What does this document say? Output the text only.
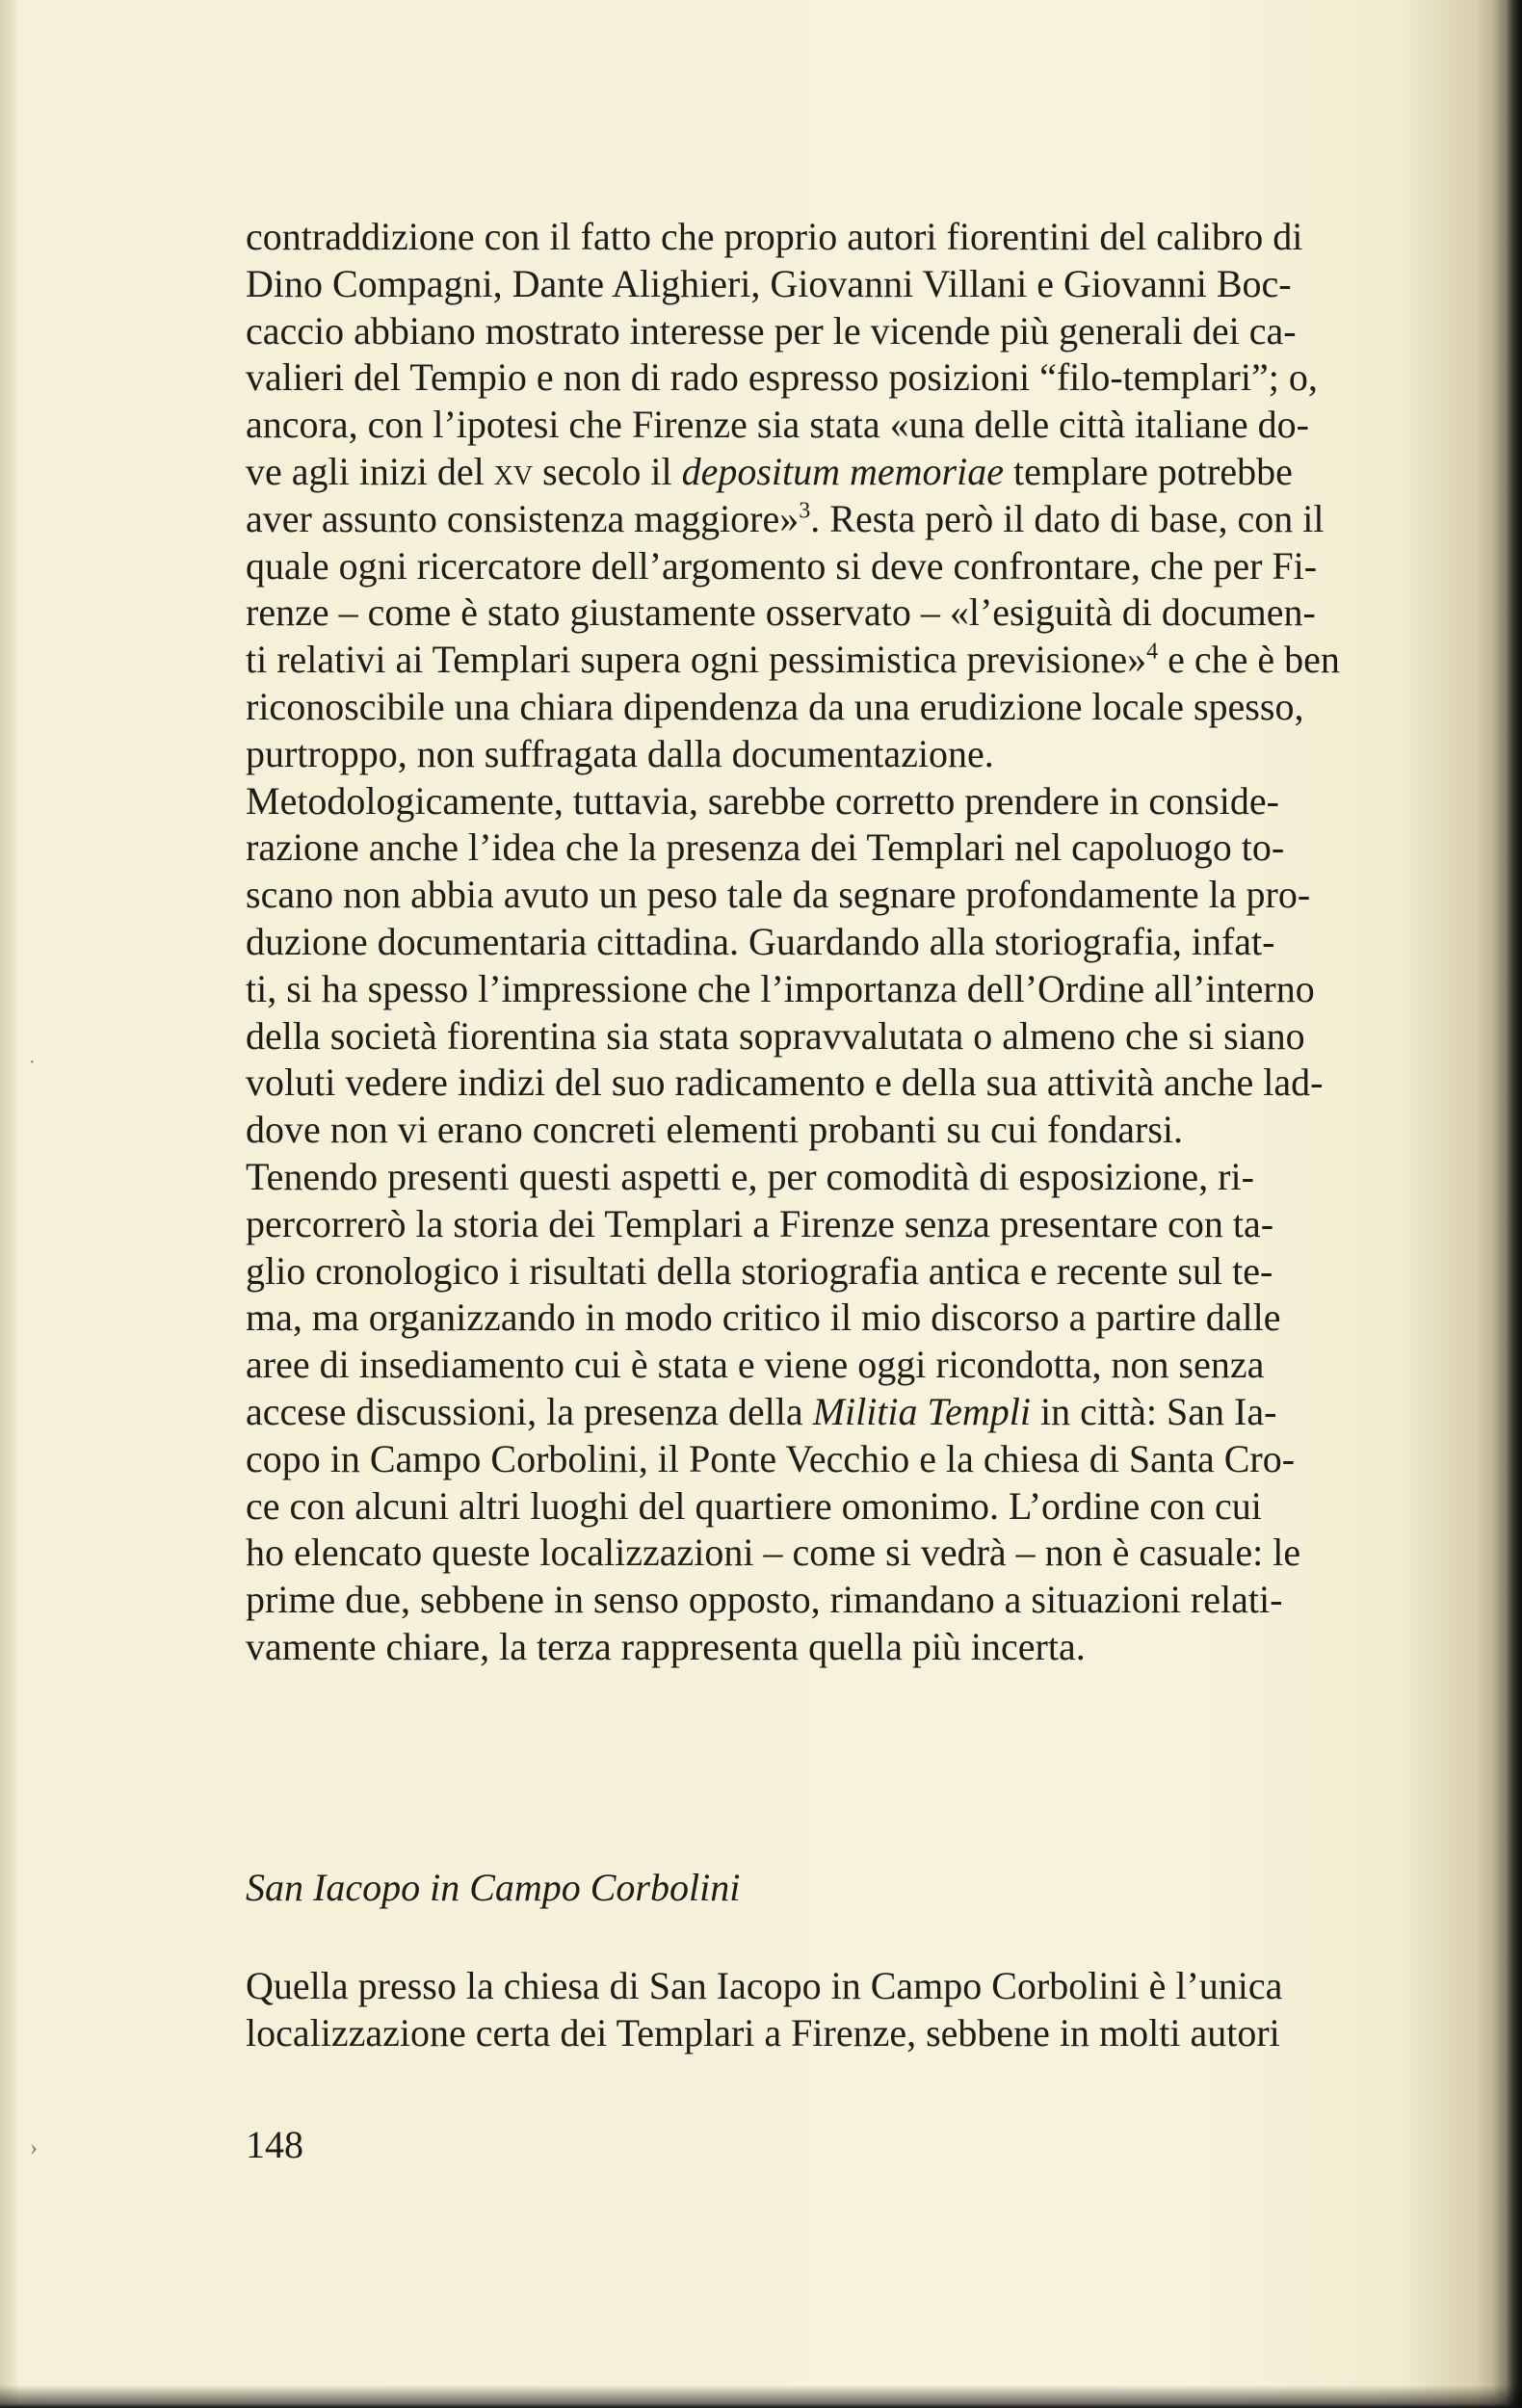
·
›
contraddizione con il fatto che proprio autori fiorentini del calibro di
Dino Compagni, Dante Alighieri, Giovanni Villani e Giovanni Boc-
caccio abbiano mostrato interesse per le vicende più generali dei ca-
valieri del Tempio e non di rado espresso posizioni “filo-templari”; o,
ancora, con l’ipotesi che Firenze sia stata «una delle città italiane do-
ve agli inizi del xv secolo il depositum memoriae templare potrebbe
aver assunto consistenza maggiore»$^3$. Resta però il dato di base, con il
quale ogni ricercatore dell’argomento si deve confrontare, che per Fi-
renze – come è stato giustamente osservato – «l’esiguità di documen-
ti relativi ai Templari supera ogni pessimistica previsione»$^4$ e che è ben
riconoscibile una chiara dipendenza da una erudizione locale spesso,
purtroppo, non suffragata dalla documentazione.
Metodologicamente, tuttavia, sarebbe corretto prendere in conside-
razione anche l’idea che la presenza dei Templari nel capoluogo to-
scano non abbia avuto un peso tale da segnare profondamente la pro-
duzione documentaria cittadina. Guardando alla storiografia, infat-
ti, si ha spesso l’impressione che l’importanza dell’Ordine all’interno
della società fiorentina sia stata sopravvalutata o almeno che si siano
voluti vedere indizi del suo radicamento e della sua attività anche lad-
dove non vi erano concreti elementi probanti su cui fondarsi.
Tenendo presenti questi aspetti e, per comodità di esposizione, ri-
percorrerò la storia dei Templari a Firenze senza presentare con ta-
glio cronologico i risultati della storiografia antica e recente sul te-
ma, ma organizzando in modo critico il mio discorso a partire dalle
aree di insediamento cui è stata e viene oggi ricondotta, non senza
accese discussioni, la presenza della Militia Templi in città: San Ia-
copo in Campo Corbolini, il Ponte Vecchio e la chiesa di Santa Cro-
ce con alcuni altri luoghi del quartiere omonimo. L’ordine con cui
ho elencato queste localizzazioni – come si vedrà – non è casuale: le
prime due, sebbene in senso opposto, rimandano a situazioni relati-
vamente chiare, la terza rappresenta quella più incerta.
San Iacopo in Campo Corbolini
Quella presso la chiesa di San Iacopo in Campo Corbolini è l’unica
localizzazione certa dei Templari a Firenze, sebbene in molti autori
148
